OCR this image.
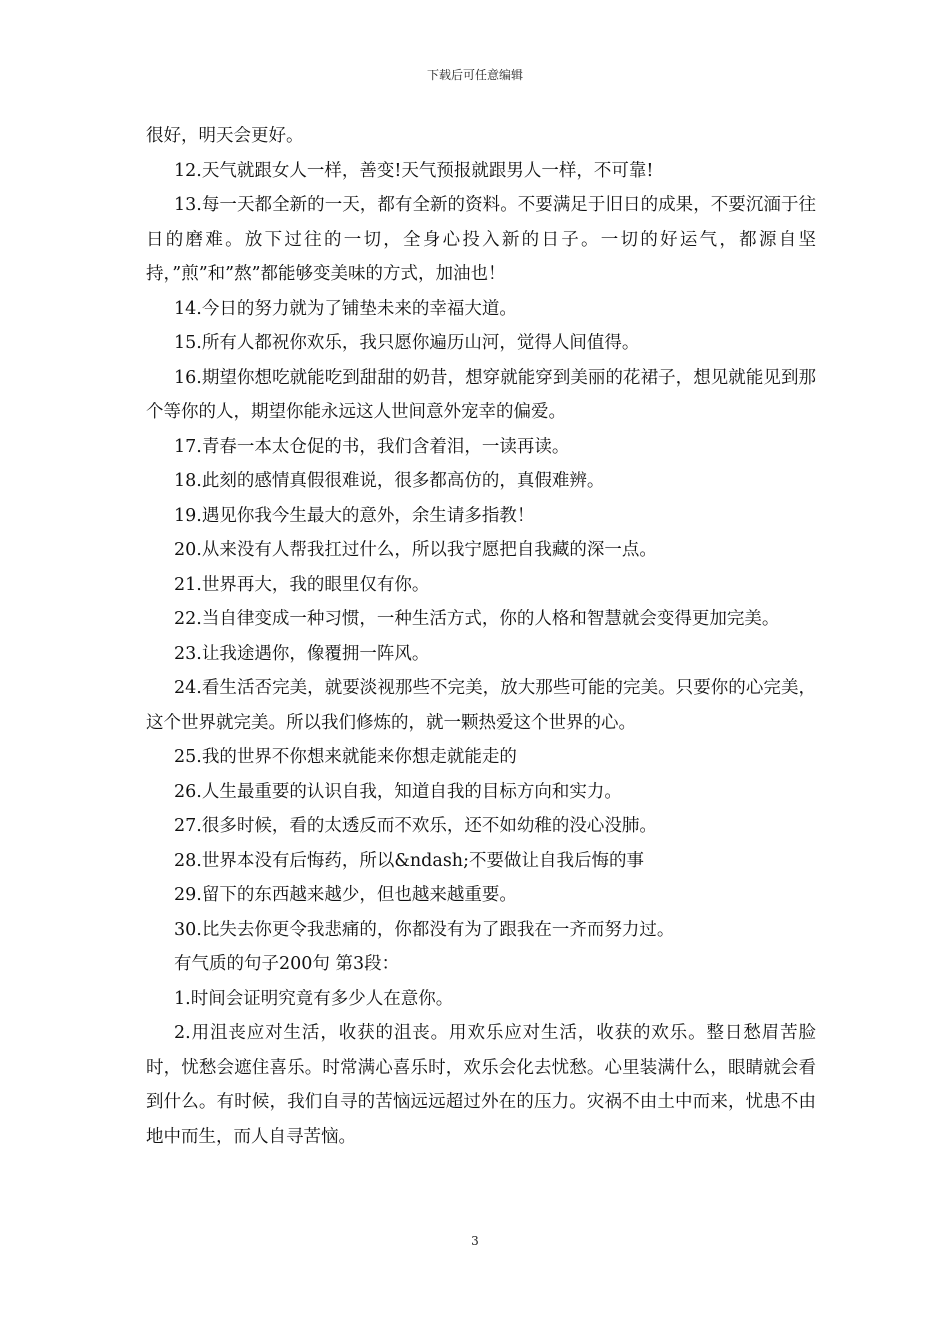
下载后可任意编辑

很好，明天会更好。

12.天气就跟女人一样，善变!天气预报就跟男人一样，不可靠!

13.每一天都全新的一天，都有全新的资料。不要满足于旧日的成果，不要沉湎于往日的磨难。放下过往的一切，全身心投入新的日子。一切的好运气，都源自坚持，”煎”和”熬”都能够变美味的方式，加油也！

14.今日的努力就为了铺垫未来的幸福大道。

15.所有人都祝你欢乐，我只愿你遍历山河，觉得人间值得。

16.期望你想吃就能吃到甜甜的奶昔，想穿就能穿到美丽的花裙子，想见就能见到那个等你的人，期望你能永远这人世间意外宠幸的偏爱。

17.青春一本太仓促的书，我们含着泪，一读再读。

18.此刻的感情真假很难说，很多都高仿的，真假难辨。

19.遇见你我今生最大的意外，余生请多指教！

20.从来没有人帮我扛过什么，所以我宁愿把自我藏的深一点。

21.世界再大，我的眼里仅有你。

22.当自律变成一种习惯，一种生活方式，你的人格和智慧就会变得更加完美。

23.让我途遇你，像覆拥一阵风。

24.看生活否完美，就要淡视那些不完美，放大那些可能的完美。只要你的心完美，这个世界就完美。所以我们修炼的，就一颗热爱这个世界的心。

25.我的世界不你想来就能来你想走就能走的

26.人生最重要的认识自我，知道自我的目标方向和实力。

27.很多时候，看的太透反而不欢乐，还不如幼稚的没心没肺。

28.世界本没有后悔药，所以&ndash;不要做让自我后悔的事

29.留下的东西越来越少，但也越来越重要。

30.比失去你更令我悲痛的，你都没有为了跟我在一齐而努力过。

有气质的句子200句 第3段：

1.时间会证明究竟有多少人在意你。

2.用沮丧应对生活，收获的沮丧。用欢乐应对生活，收获的欢乐。整日愁眉苦脸时，忧愁会遮住喜乐。时常满心喜乐时，欢乐会化去忧愁。心里装满什么，眼睛就会看到什么。有时候，我们自寻的苦恼远远超过外在的压力。灾祸不由土中而来，忧患不由地中而生，而人自寻苦恼。

3
